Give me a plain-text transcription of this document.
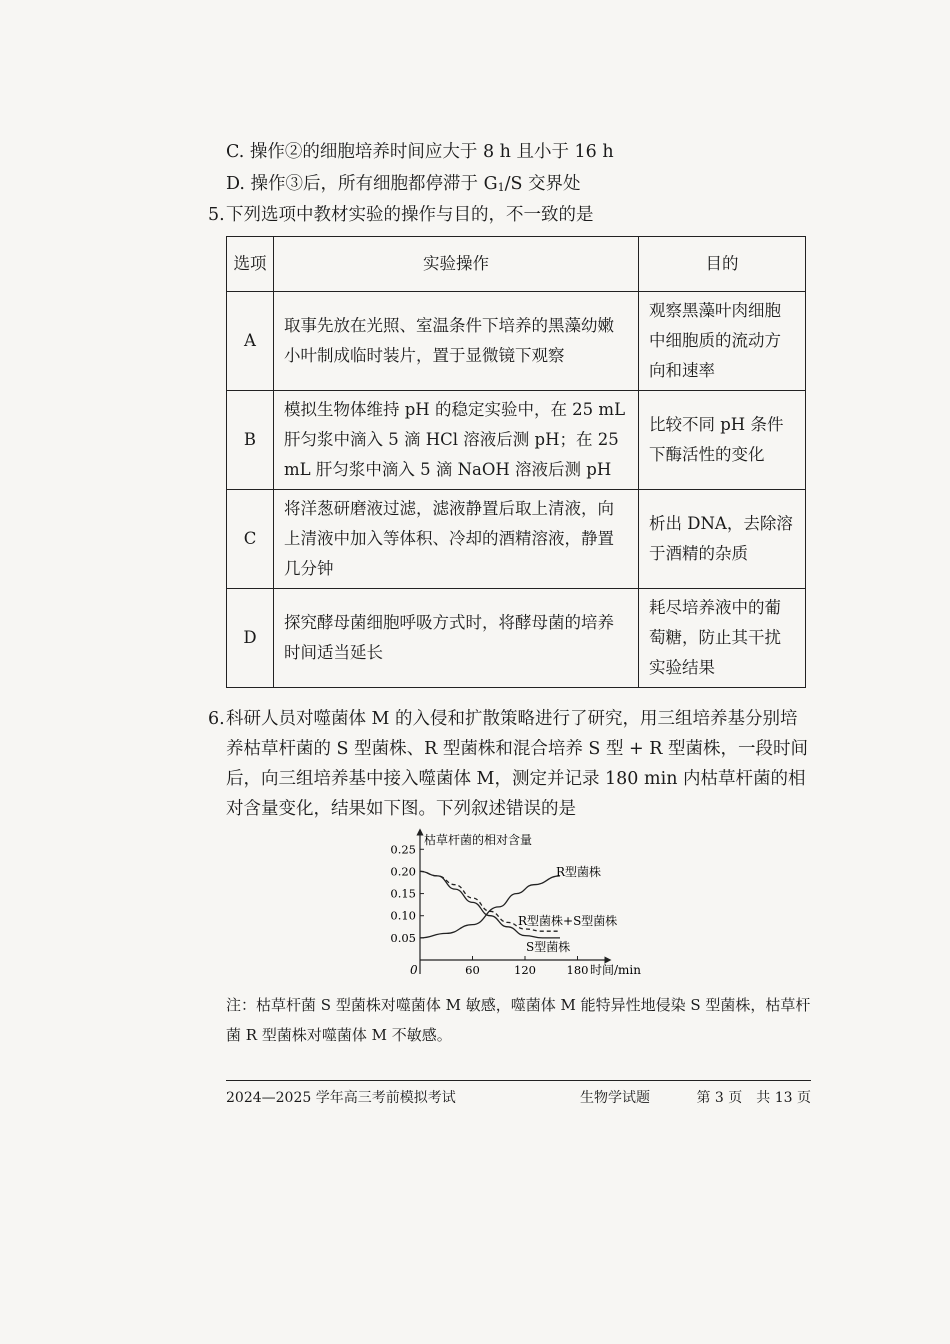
C. 操作②的细胞培养时间应大于 8 h 且小于 16 h
D. 操作③后，所有细胞都停滞于 G1/S 交界处
5. 下列选项中教材实验的操作与目的，不一致的是
选项	实验操作	目的
A	取事先放在光照、室温条件下培养的黑藻幼嫩小叶制成临时装片，置于显微镜下观察	观察黑藻叶肉细胞中细胞质的流动方向和速率
B	模拟生物体维持 pH 的稳定实验中，在 25 mL 肝匀浆中滴入 5 滴 HCl 溶液后测 pH；在 25 mL 肝匀浆中滴入 5 滴 NaOH 溶液后测 pH	比较不同 pH 条件下酶活性的变化
C	将洋葱研磨液过滤，滤液静置后取上清液，向上清液中加入等体积、冷却的酒精溶液，静置几分钟	析出 DNA，去除溶于酒精的杂质
D	探究酵母菌细胞呼吸方式时，将酵母菌的培养时间适当延长	耗尽培养液中的葡萄糖，防止其干扰实验结果
6. 科研人员对噬菌体 M 的入侵和扩散策略进行了研究，用三组培养基分别培养枯草杆菌的 S 型菌株、R 型菌株和混合培养 S 型 + R 型菌株，一段时间后，向三组培养基中接入噬菌体 M，测定并记录 180 min 内枯草杆菌的相对含量变化，结果如下图。下列叙述错误的是
枯草杆菌的相对含量
时间/min
0
0.25
0.20
0.15
0.10
0.05
60	120	180
R型菌株
R型菌株+S型菌株
S型菌株
注：枯草杆菌 S 型菌株对噬菌体 M 敏感，噬菌体 M 能特异性地侵染 S 型菌株，枯草杆菌 R 型菌株对噬菌体 M 不敏感。
2024—2025 学年高三考前模拟考试	生物学试题	第 3 页　共 13 页
